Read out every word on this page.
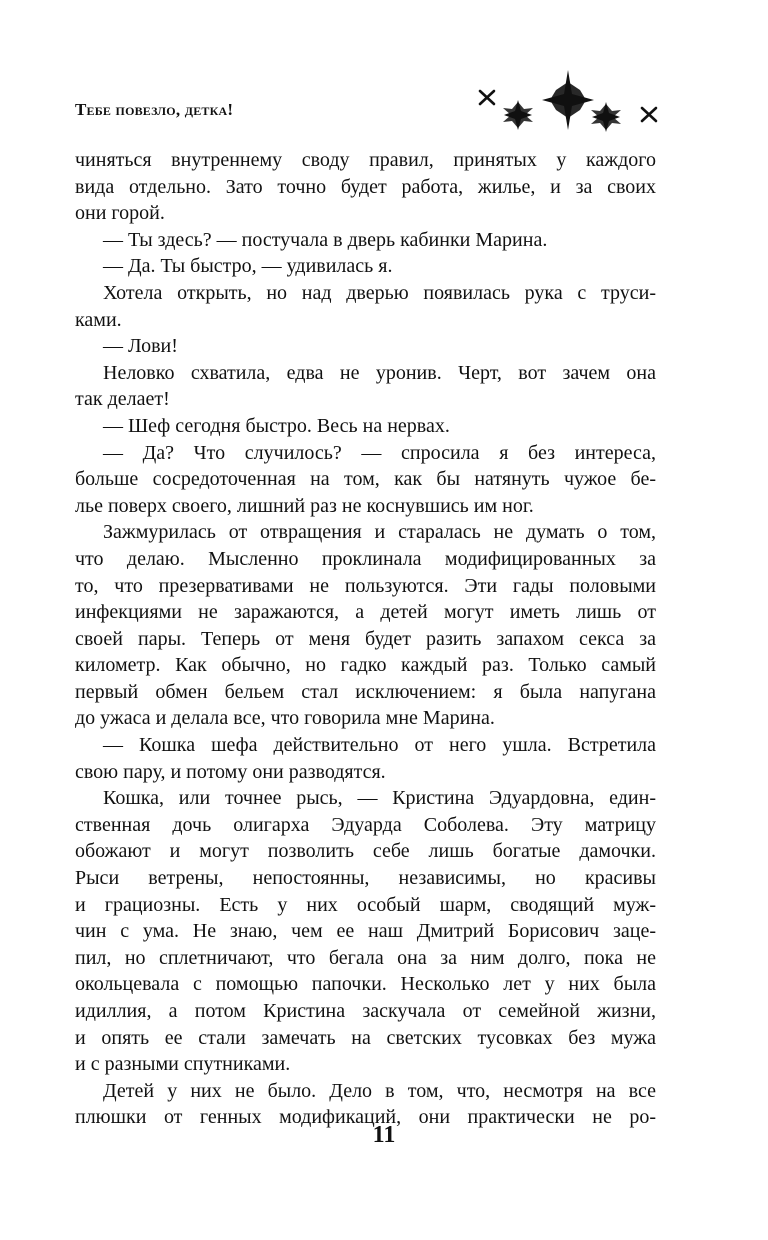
Тебе повезло, детка!
чиняться внутреннему своду правил, принятых у каждого
вида отдельно. Зато точно будет работа, жилье, и за своих
они горой.
— Ты здесь? — постучала в дверь кабинки Марина.
— Да. Ты быстро, — удивилась я.
Хотела открыть, но над дверью появилась рука с труси-
ками.
— Лови!
Неловко схватила, едва не уронив. Черт, вот зачем она
так делает!
— Шеф сегодня быстро. Весь на нервах.
— Да? Что случилось? — спросила я без интереса,
больше сосредоточенная на том, как бы натянуть чужое бе-
лье поверх своего, лишний раз не коснувшись им ног.
Зажмурилась от отвращения и старалась не думать о том,
что делаю. Мысленно проклинала модифицированных за
то, что презервативами не пользуются. Эти гады половыми
инфекциями не заражаются, а детей могут иметь лишь от
своей пары. Теперь от меня будет разить запахом секса за
километр. Как обычно, но гадко каждый раз. Только самый
первый обмен бельем стал исключением: я была напугана
до ужаса и делала все, что говорила мне Марина.
— Кошка шефа действительно от него ушла. Встретила
свою пару, и потому они разводятся.
Кошка, или точнее рысь, — Кристина Эдуардовна, един-
ственная дочь олигарха Эдуарда Соболева. Эту матрицу
обожают и могут позволить себе лишь богатые дамочки.
Рыси ветрены, непостоянны, независимы, но красивы
и грациозны. Есть у них особый шарм, сводящий муж-
чин с ума. Не знаю, чем ее наш Дмитрий Борисович заце-
пил, но сплетничают, что бегала она за ним долго, пока не
окольцевала с помощью папочки. Несколько лет у них была
идиллия, а потом Кристина заскучала от семейной жизни,
и опять ее стали замечать на светских тусовках без мужа
и с разными спутниками.
Детей у них не было. Дело в том, что, несмотря на все
плюшки от генных модификаций, они практически не ро-
11
